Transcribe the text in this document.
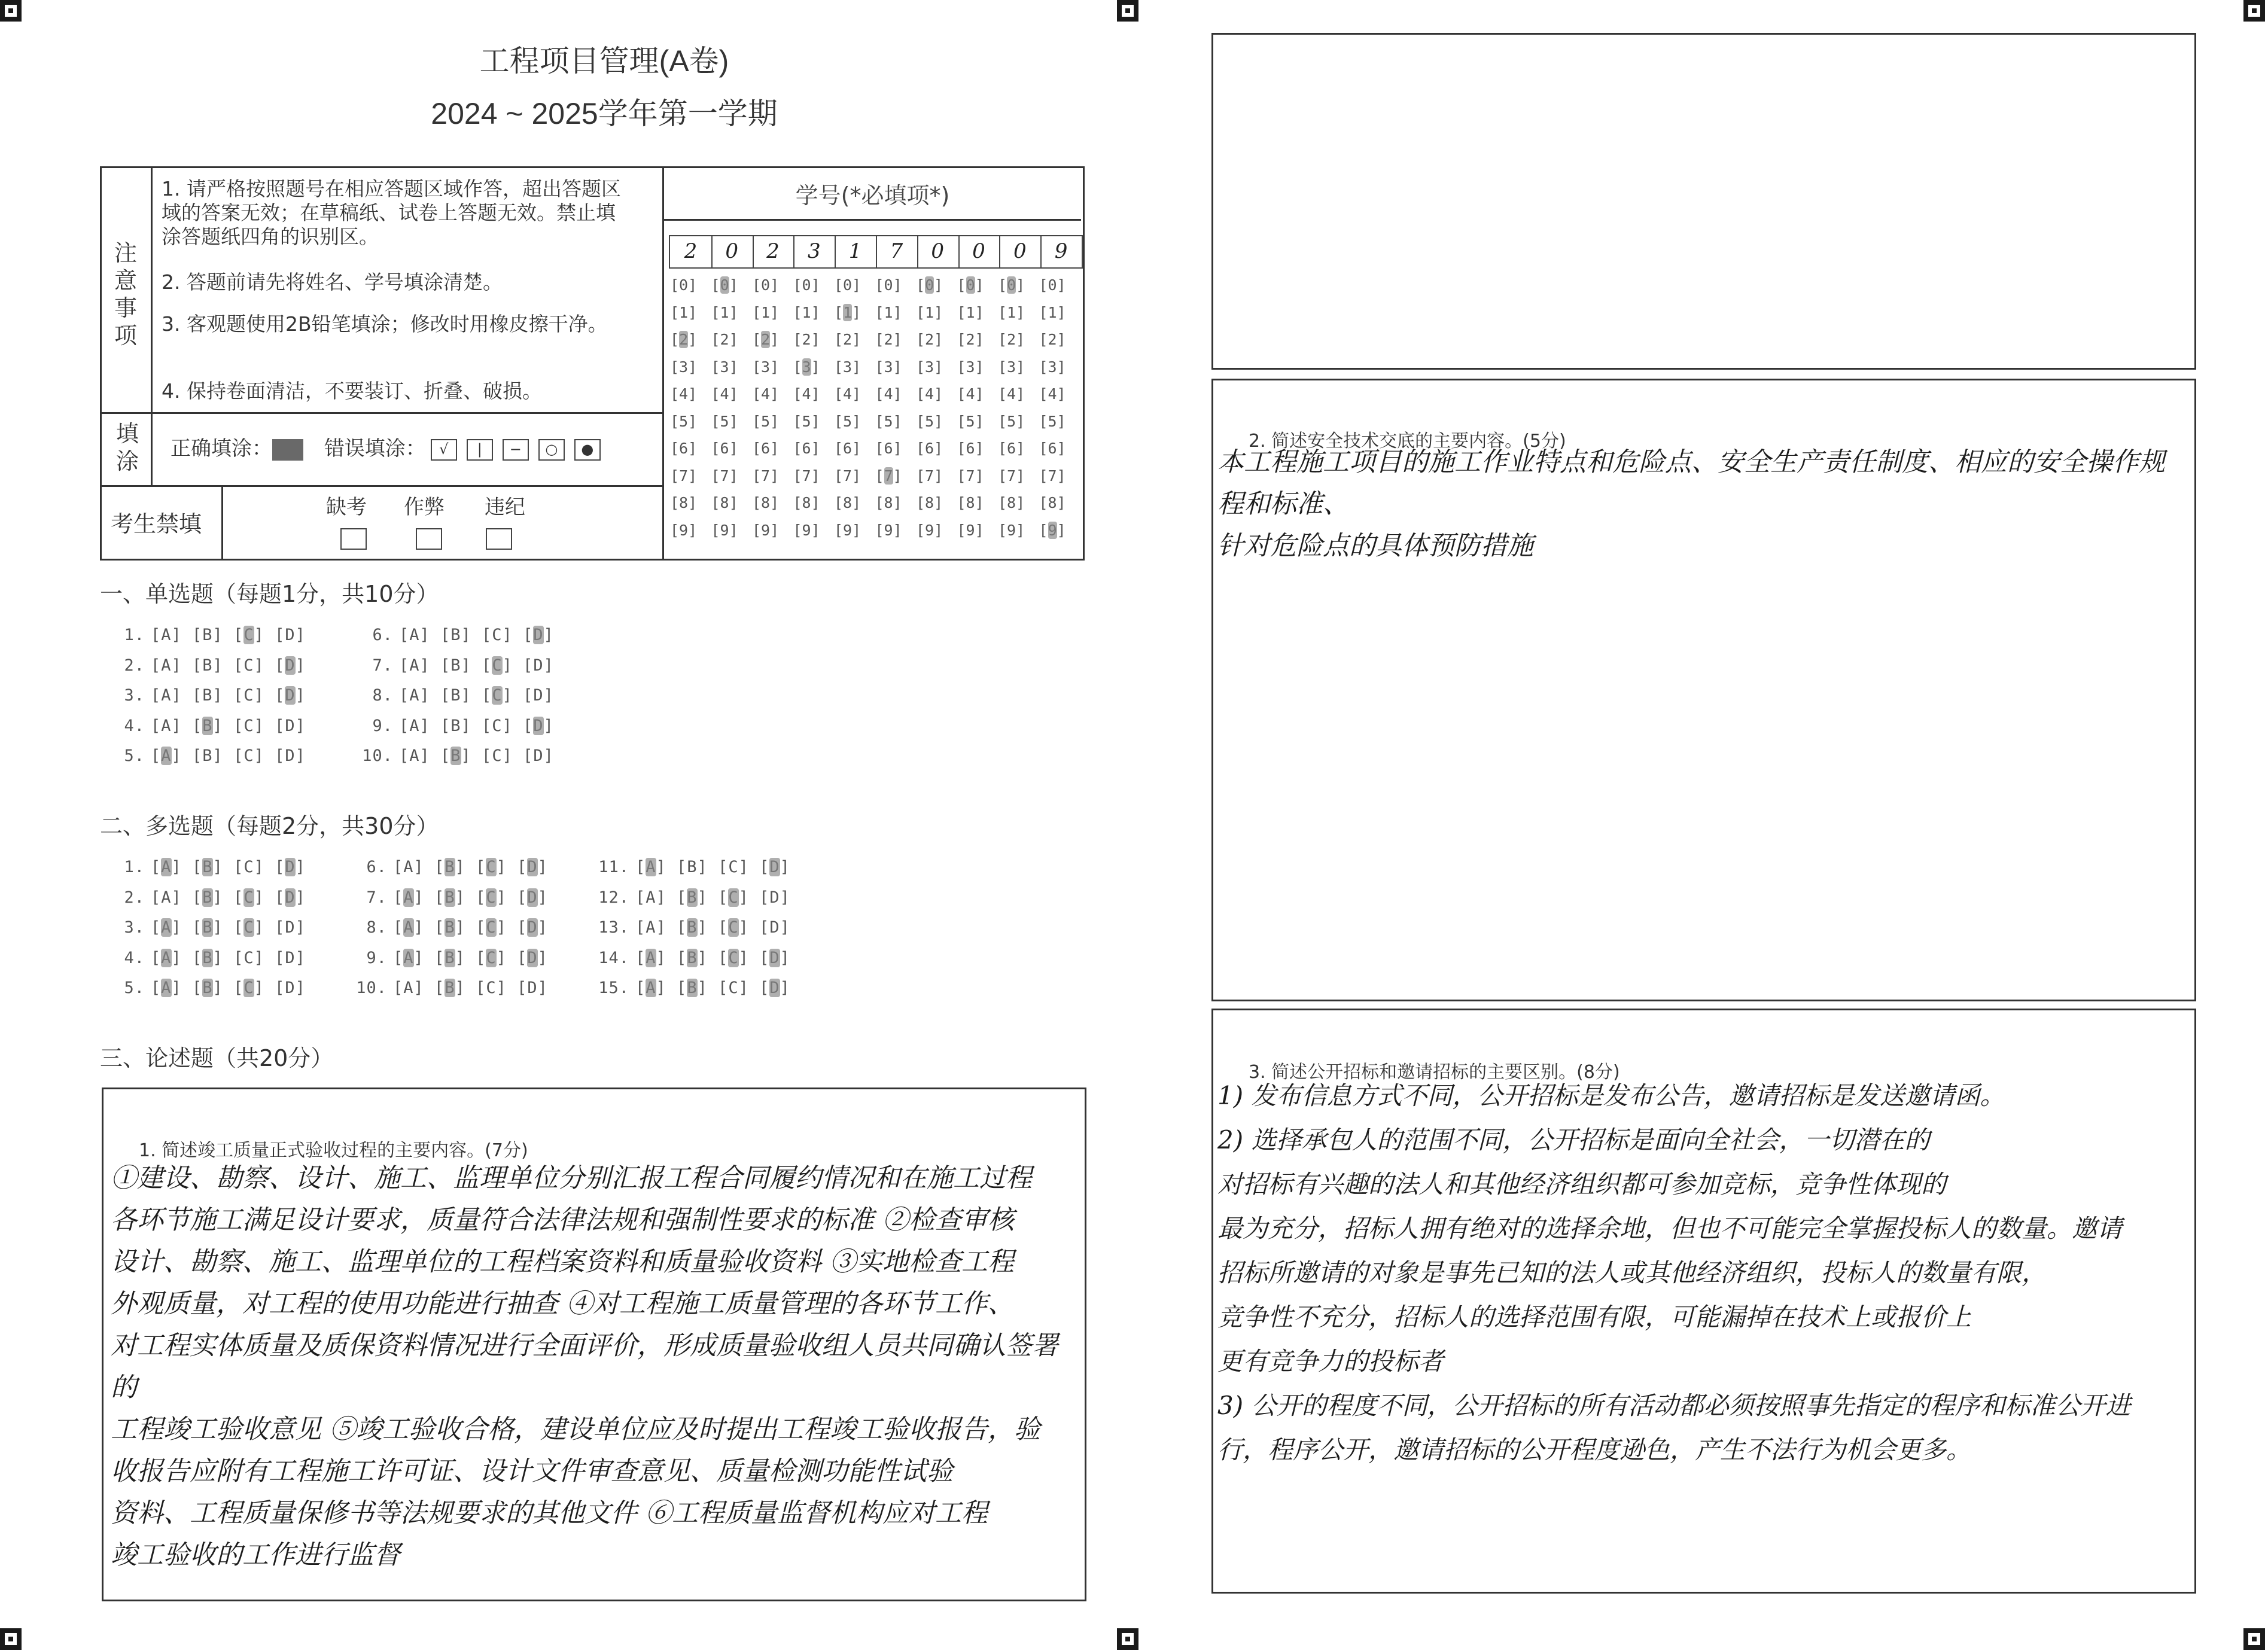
工程项目管理(A卷)
2024 ~ 2025学年第一学期
注意事项
1. 请严格按照题号在相应答题区域作答，超出答题区域的答案无效；在草稿纸、试卷上答题无效。禁止填涂答题纸四角的识别区。
2. 答题前请先将姓名、学号填涂清楚。
3. 客观题使用2B铅笔填涂；修改时用橡皮擦干净。
4. 保持卷面清洁，不要装订、折叠、破损。
填涂 正确填涂：	错误填涂： √ | − ○ ●
考生禁填
缺考 作弊 违纪
学号(*必填项*)
2	0	2	3	1	7	0	0	0	9
[0] [0] [0] [0] [0] [0] [0] [0] [0] [0]
[1] [1] [1] [1] [1] [1] [1] [1] [1] [1]
[2] [2] [2] [2] [2] [2] [2] [2] [2] [2]
[3] [3] [3] [3] [3] [3] [3] [3] [3] [3]
[4] [4] [4] [4] [4] [4] [4] [4] [4] [4]
[5] [5] [5] [5] [5] [5] [5] [5] [5] [5]
[6] [6] [6] [6] [6] [6] [6] [6] [6] [6]
[7] [7] [7] [7] [7] [7] [7] [7] [7] [7]
[8] [8] [8] [8] [8] [8] [8] [8] [8] [8]
[9] [9] [9] [9] [9] [9] [9] [9] [9] [9]
一、单选题（每题1分，共10分）
1. [A] [B] [C] [D]
2. [A] [B] [C] [D]
3. [A] [B] [C] [D]
4. [A] [B] [C] [D]
5. [A] [B] [C] [D]
6. [A] [B] [C] [D]
7. [A] [B] [C] [D]
8. [A] [B] [C] [D]
9. [A] [B] [C] [D]
10. [A] [B] [C] [D]
二、多选题（每题2分，共30分）
1. [A] [B] [C] [D]
2. [A] [B] [C] [D]
3. [A] [B] [C] [D]
4. [A] [B] [C] [D]
5. [A] [B] [C] [D]
6. [A] [B] [C] [D]
7. [A] [B] [C] [D]
8. [A] [B] [C] [D]
9. [A] [B] [C] [D]
10. [A] [B] [C] [D]
11. [A] [B] [C] [D]
12. [A] [B] [C] [D]
13. [A] [B] [C] [D]
14. [A] [B] [C] [D]
15. [A] [B] [C] [D]
三、论述题（共20分）
1. 简述竣工质量正式验收过程的主要内容。(7分)
①建设、勘察、设计、施工、监理单位分别汇报工程合同履约情况和在施工过程
各环节施工满足设计要求，质量符合法律法规和强制性要求的标准 ②检查审核
设计、勘察、施工、监理单位的工程档案资料和质量验收资料 ③实地检查工程
外观质量，对工程的使用功能进行抽查 ④对工程施工质量管理的各环节工作、
对工程实体质量及质保资料情况进行全面评价，形成质量验收组人员共同确认签署的
工程竣工验收意见 ⑤竣工验收合格，建设单位应及时提出工程竣工验收报告，验
收报告应附有工程施工许可证、设计文件审查意见、质量检测功能性试验
资料、工程质量保修书等法规要求的其他文件 ⑥工程质量监督机构应对工程
竣工验收的工作进行监督
2. 简述安全技术交底的主要内容。(5分)
本工程施工项目的施工作业特点和危险点、安全生产责任制度、相应的安全操作规程和标准、
针对危险点的具体预防措施
3. 简述公开招标和邀请招标的主要区别。(8分)
1) 发布信息方式不同，公开招标是发布公告，邀请招标是发送邀请函。
2) 选择承包人的范围不同，公开招标是面向全社会，一切潜在的
对招标有兴趣的法人和其他经济组织都可参加竞标，竞争性体现的
最为充分，招标人拥有绝对的选择余地，但也不可能完全掌握投标人的数量。邀请
招标所邀请的对象是事先已知的法人或其他经济组织，投标人的数量有限，
竞争性不充分，招标人的选择范围有限，可能漏掉在技术上或报价上
更有竞争力的投标者
3) 公开的程度不同，公开招标的所有活动都必须按照事先指定的程序和标准公开进
行，程序公开，邀请招标的公开程度逊色，产生不法行为机会更多。
